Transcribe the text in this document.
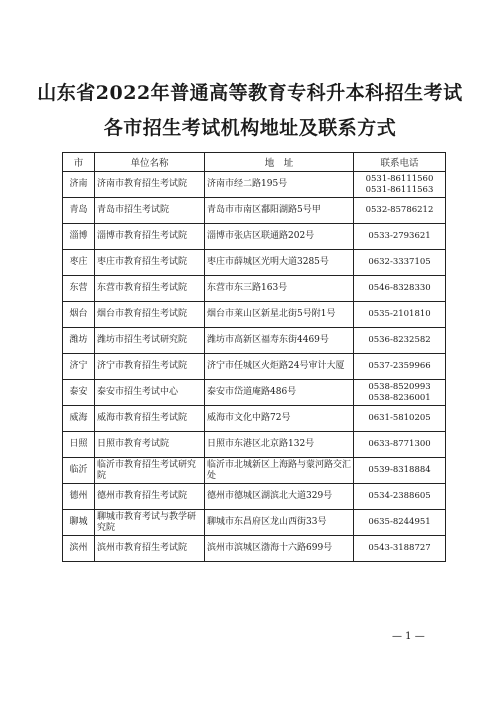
山东省2022年普通高等教育专科升本科招生考试
各市招生考试机构地址及联系方式
市	单位名称	地　址	联系电话
济南	济南市教育招生考试院	济南市经二路195号	0531-86111560
0531-86111563
青岛	青岛市招生考试院	青岛市市南区鄱阳湖路5号甲	0532-85786212
淄博	淄博市教育招生考试院	淄博市张店区联通路202号	0533-2793621
枣庄	枣庄市教育招生考试院	枣庄市薛城区光明大道3285号	0632-3337105
东营	东营市教育招生考试院	东营市东三路163号	0546-8328330
烟台	烟台市教育招生考试院	烟台市莱山区新星北街5号附1号	0535-2101810
潍坊	潍坊市招生考试研究院	潍坊市高新区福寿东街4469号	0536-8232582
济宁	济宁市教育招生考试院	济宁市任城区火炬路24号审计大厦	0537-2359966
泰安	泰安市招生考试中心	泰安市岱道庵路486号	0538-8520993
0538-8236001
威海	威海市教育招生考试院	威海市文化中路72号	0631-5810205
日照	日照市教育考试院	日照市东港区北京路132号	0633-8771300
临沂	临沂市教育招生考试研究院	临沂市北城新区上海路与蒙河路交汇处	0539-8318884
德州	德州市教育招生考试院	德州市德城区湖滨北大道329号	0534-2388605
聊城	聊城市教育考试与教学研究院	聊城市东昌府区龙山西街33号	0635-8244951
滨州	滨州市教育招生考试院	滨州市滨城区渤海十六路699号	0543-3188727
— 1 —
